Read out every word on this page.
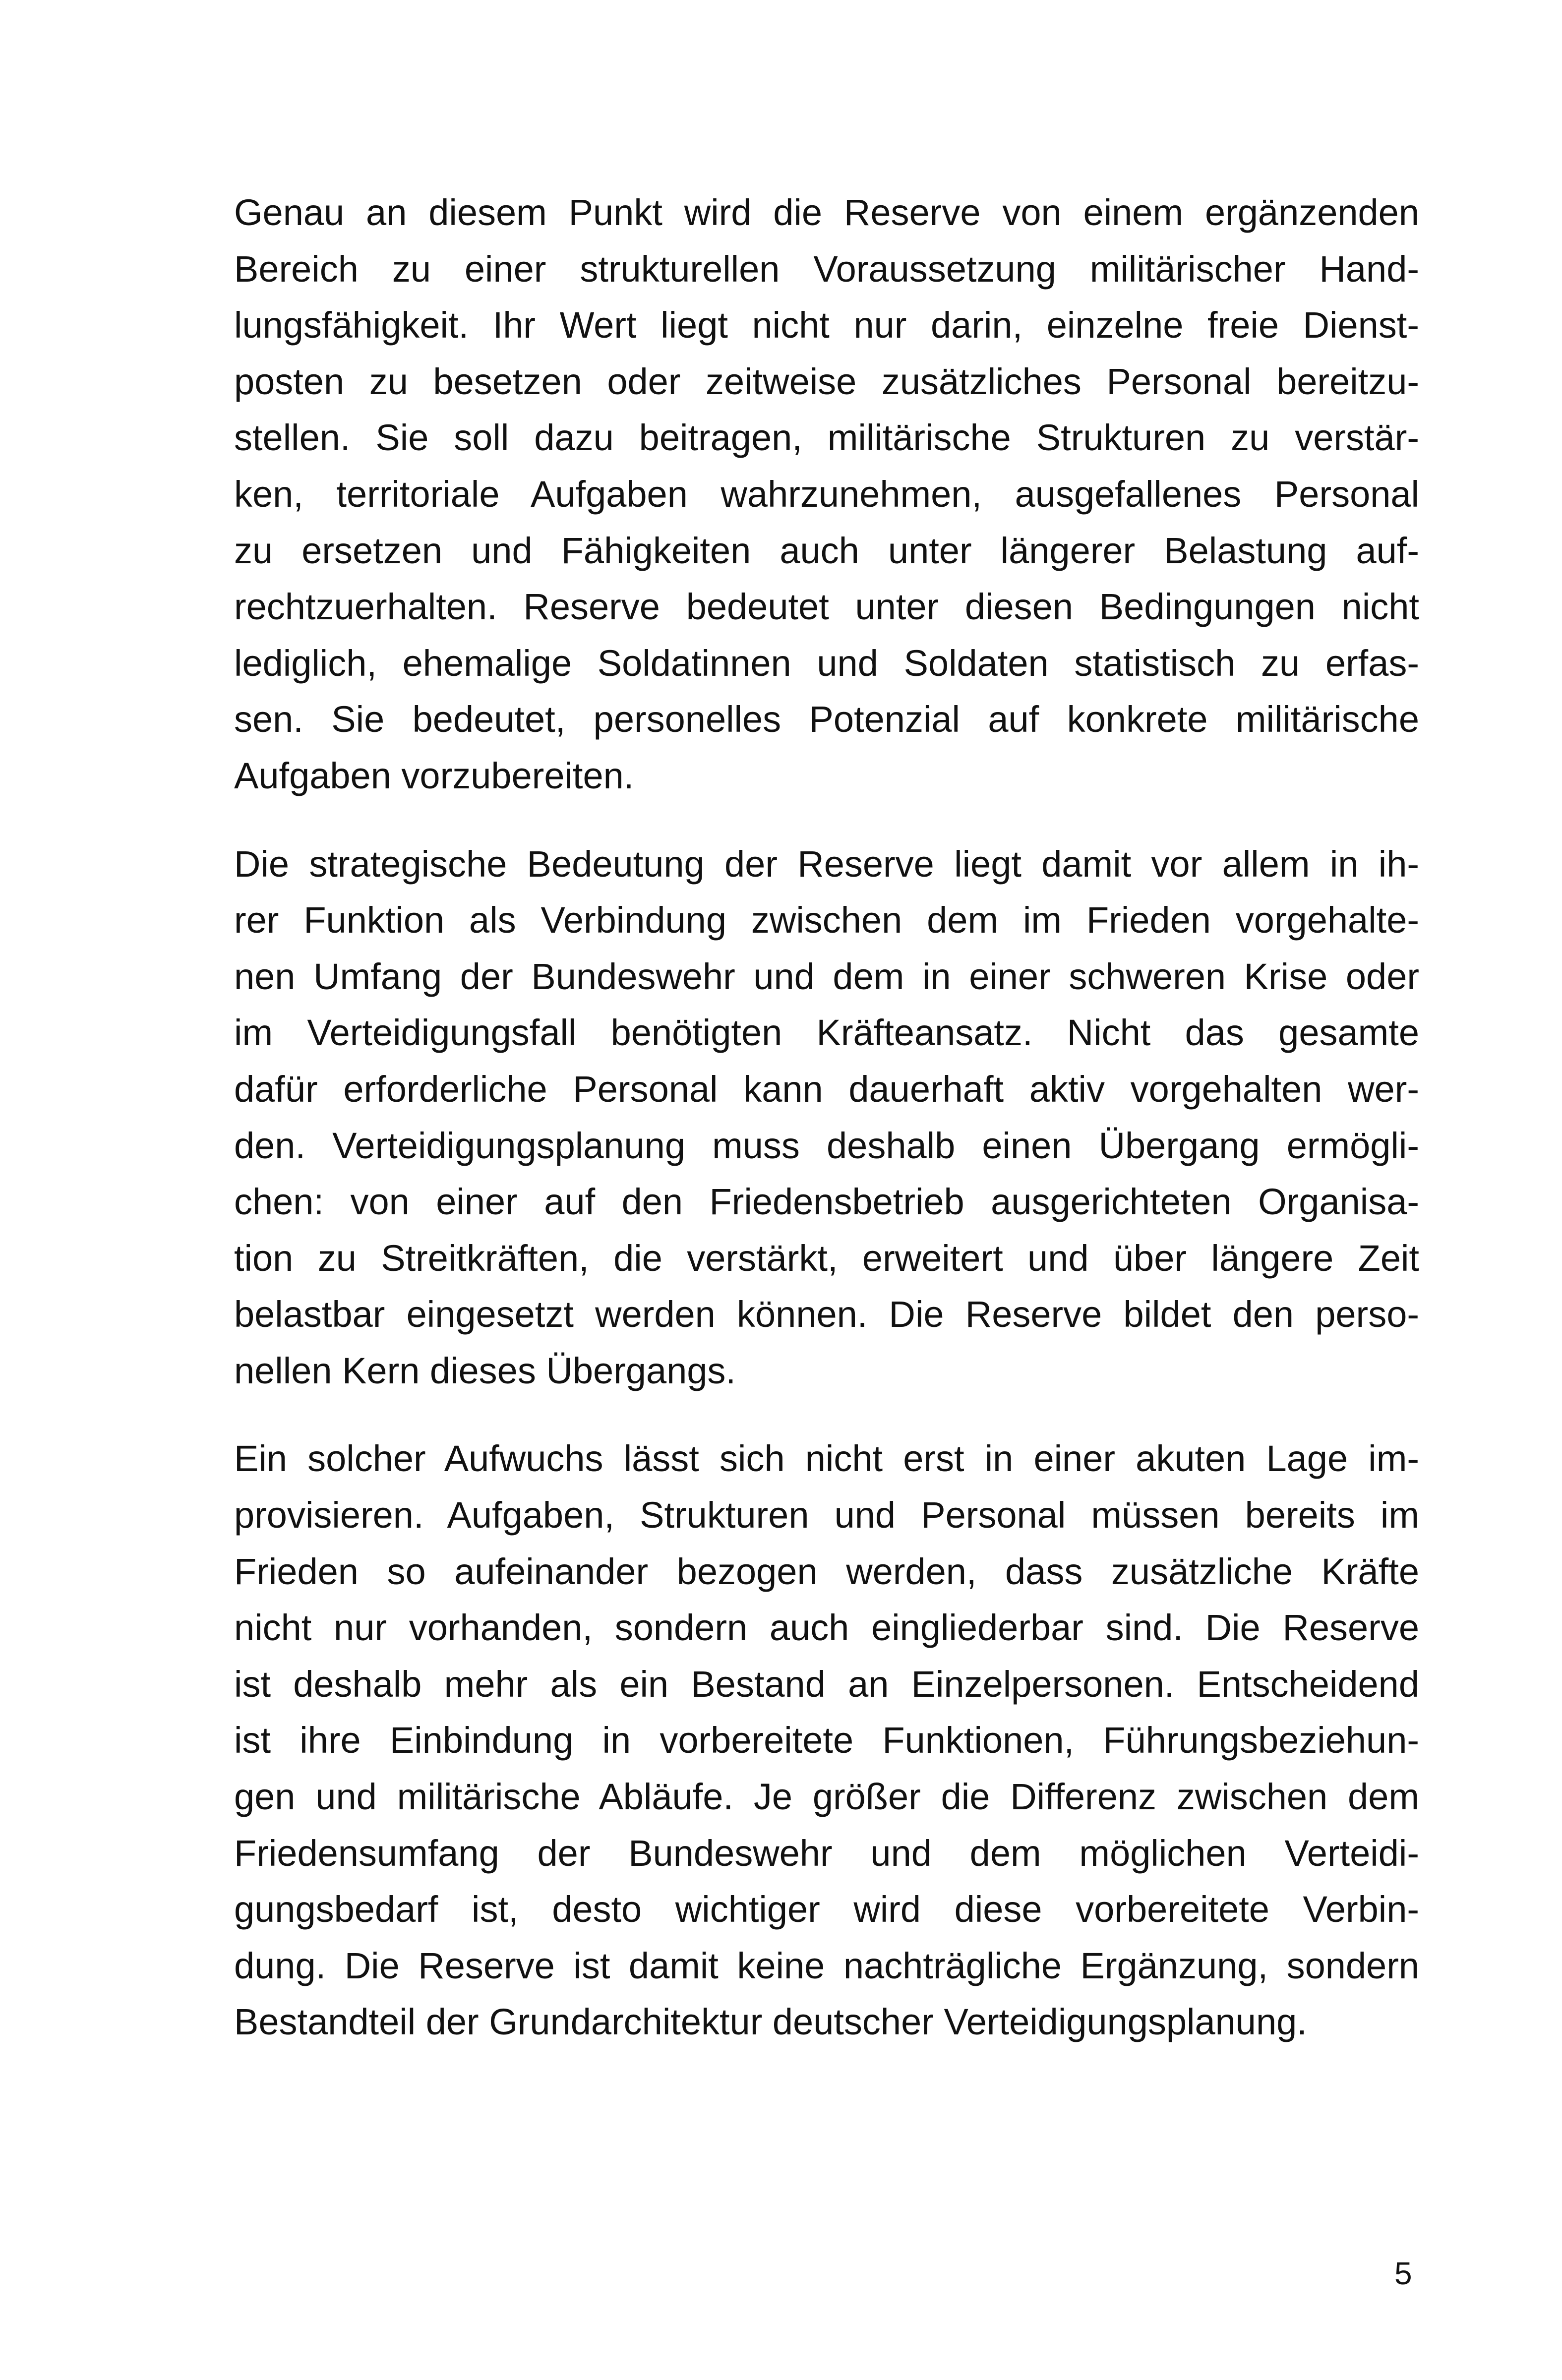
Genau an diesem Punkt wird die Reserve von einem ergänzenden
Bereich zu einer strukturellen Voraussetzung militärischer Hand-
lungsfähigkeit. Ihr Wert liegt nicht nur darin, einzelne freie Dienst-
posten zu besetzen oder zeitweise zusätzliches Personal bereitzu-
stellen. Sie soll dazu beitragen, militärische Strukturen zu verstär-
ken, territoriale Aufgaben wahrzunehmen, ausgefallenes Personal
zu ersetzen und Fähigkeiten auch unter längerer Belastung auf-
rechtzuerhalten. Reserve bedeutet unter diesen Bedingungen nicht
lediglich, ehemalige Soldatinnen und Soldaten statistisch zu erfas-
sen. Sie bedeutet, personelles Potenzial auf konkrete militärische
Aufgaben vorzubereiten.

Die strategische Bedeutung der Reserve liegt damit vor allem in ih-
rer Funktion als Verbindung zwischen dem im Frieden vorgehalte-
nen Umfang der Bundeswehr und dem in einer schweren Krise oder
im Verteidigungsfall benötigten Kräfteansatz. Nicht das gesamte
dafür erforderliche Personal kann dauerhaft aktiv vorgehalten wer-
den. Verteidigungsplanung muss deshalb einen Übergang ermögli-
chen: von einer auf den Friedensbetrieb ausgerichteten Organisa-
tion zu Streitkräften, die verstärkt, erweitert und über längere Zeit
belastbar eingesetzt werden können. Die Reserve bildet den perso-
nellen Kern dieses Übergangs.

Ein solcher Aufwuchs lässt sich nicht erst in einer akuten Lage im-
provisieren. Aufgaben, Strukturen und Personal müssen bereits im
Frieden so aufeinander bezogen werden, dass zusätzliche Kräfte
nicht nur vorhanden, sondern auch eingliederbar sind. Die Reserve
ist deshalb mehr als ein Bestand an Einzelpersonen. Entscheidend
ist ihre Einbindung in vorbereitete Funktionen, Führungsbeziehun-
gen und militärische Abläufe. Je größer die Differenz zwischen dem
Friedensumfang der Bundeswehr und dem möglichen Verteidi-
gungsbedarf ist, desto wichtiger wird diese vorbereitete Verbin-
dung. Die Reserve ist damit keine nachträgliche Ergänzung, sondern
Bestandteil der Grundarchitektur deutscher Verteidigungsplanung.

5
